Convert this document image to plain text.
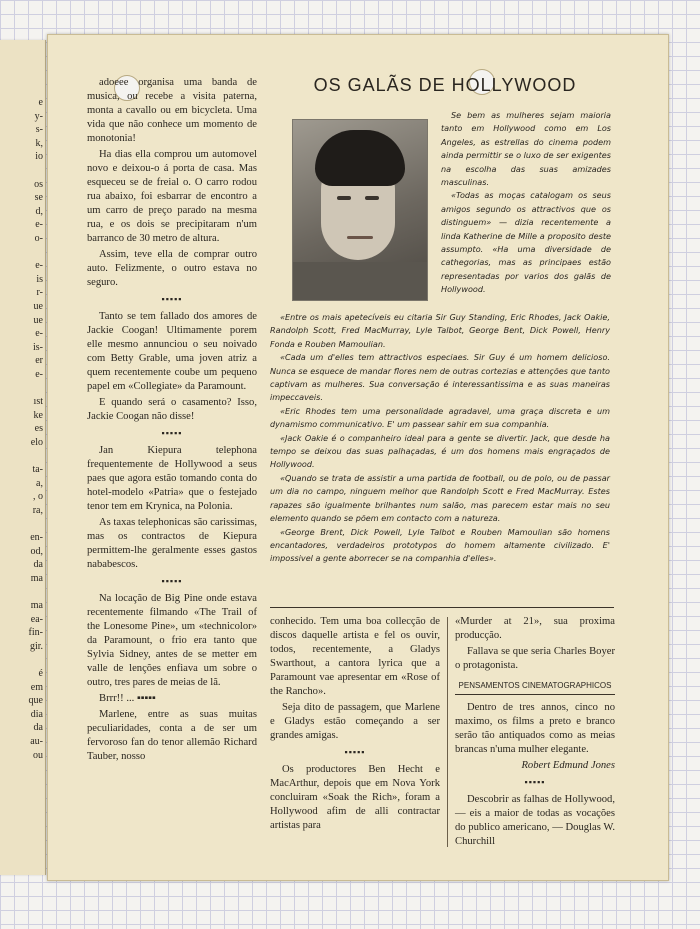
e
y-
s-
k,
io

os
se
d,
e-
o-

e-
is
r-
ue
ue
e-
is-
er
e-

ıst
ke
es
elo

ta-
a,
, o
ra,

en-
od,
da
ma

ma
ea-
fin-
gir.

é
em
que
dia
da
au-
ou

adoeee organisa uma banda de musica, ou recebe a visita paterna, monta a cavallo ou em bicycleta. Uma vida que não conhece um momento de monotonia!

Ha dias ella comprou um automovel novo e deixou-o á porta de casa. Mas esqueceu se de freial o. O carro rodou rua abaixo, foi esbarrar de encontro a um carro de preço parado na mesma rua, e os dois se precipitaram n'um barranco de 30 metro de altura.

Assim, teve ella de comprar outro auto. Felizmente, o outro estava no seguro.

▪▪▪▪▪

Tanto se tem fallado dos amores de Jackie Coogan! Ultimamente porem elle mesmo annunciou o seu noivado com Betty Grable, uma joven atriz a quem recentemente coube um pequeno papel em «Collegiate» da Paramount.

E quando será o casamento? Isso, Jackie Coogan não disse!

▪▪▪▪▪

Jan Kiepura telephona frequentemente de Hollywood a seus paes que agora estão tomando conta do hotel-modelo «Patria» que o festejado tenor tem em Krynica, na Polonia.

As taxas telephonicas são carissimas, mas os contractos de Kiepura permittem-lhe geralmente esses gastos nababescos.

▪▪▪▪▪

Na locação de Big Pine onde estava recentemente filmando «The Trail of the Lonesome Pine», um «technicolor» da Paramount, o frio era tanto que Sylvia Sidney, antes de se metter em valle de lenções enfiava um sobre o outro, tres pares de meias de lã.

Brrr!! ... ▪▪▪▪▪

Marlene, entre as suas muitas peculiaridades, conta a de ser um fervoroso fan do tenor allemão Richard Tauber, nosso

OS GALÃS DE HOLLYWOOD

Se bem as mulheres sejam maioria tanto em Hollywood como em Los Angeles, as estrellas do cinema podem ainda permittir se o luxo de ser exigentes na escolha das suas amizades masculinas.

«Todas as moças catalogam os seus amigos segundo os attractivos que os distinguem» — dizia recentemente a linda Katherine de Mille a proposito deste assumpto. «Ha uma diversidade de cathegorias, mas as principaes estão representadas por varios dos galãs de Hollywood.

«Entre os mais apetecíveis eu citaria Sir Guy Standing, Eric Rhodes, Jack Oakie, Randolph Scott, Fred MacMurray, Lyle Talbot, George Bent, Dick Powell, Henry Fonda e Rouben Mamoulian.

«Cada um d'elles tem attractivos especiaes. Sir Guy é um homem delicioso. Nunca se esquece de mandar flores nem de outras cortezias e attenções que tanto captivam as mulheres. Sua conversação é interessantissima e as suas maneiras impeccaveis.

«Eric Rhodes tem uma personalidade agradavel, uma graça discreta e um dynamismo communicativo. E' um passear sahir em sua companhia.

«Jack Oakie é o companheiro ideal para a gente se divertir. Jack, que desde ha tempo se deixou das suas palhaçadas, é um dos homens mais engraçados de Hollywood.

«Quando se trata de assistir a uma partida de football, ou de polo, ou de passar um dia no campo, ninguem melhor que Randolph Scott e Fred MacMurray. Estes rapazes são igualmente brilhantes num salão, mas parecem estar mais no seu elemento quando se põem em contacto com a natureza.

«George Brent, Dick Powell, Lyle Talbot e Rouben Mamoulian são homens encantadores, verdadeiros prototypos do homem altamente civilizado. E' impossivel a gente aborrecer se na companhia d'elles».

conhecido. Tem uma boa collecção de discos daquelle artista e fel os ouvir, todos, recentemente, a Gladys Swarthout, a cantora lyrica que a Paramount vae apresentar em «Rose of the Rancho».

Seja dito de passagem, que Marlene e Gladys estão começando a ser grandes amigas.

▪▪▪▪▪

Os productores Ben Hecht e MacArthur, depois que em Nova York concluiram «Soak the Rich», foram a Hollywood afim de alli contractar artistas para

«Murder at 21», sua proxima producção.

Fallava se que seria Charles Boyer o protagonista.

PENSAMENTOS CINEMATOGRAPHICOS

Dentro de tres annos, cinco no maximo, os films a preto e branco serão tão antiquados como as meias brancas n'uma mulher elegante.

Robert Edmund Jones

▪▪▪▪▪

Descobrir as falhas de Hollywood, — eis a maior de todas as vocações do publico americano, — Douglas W. Churchill
